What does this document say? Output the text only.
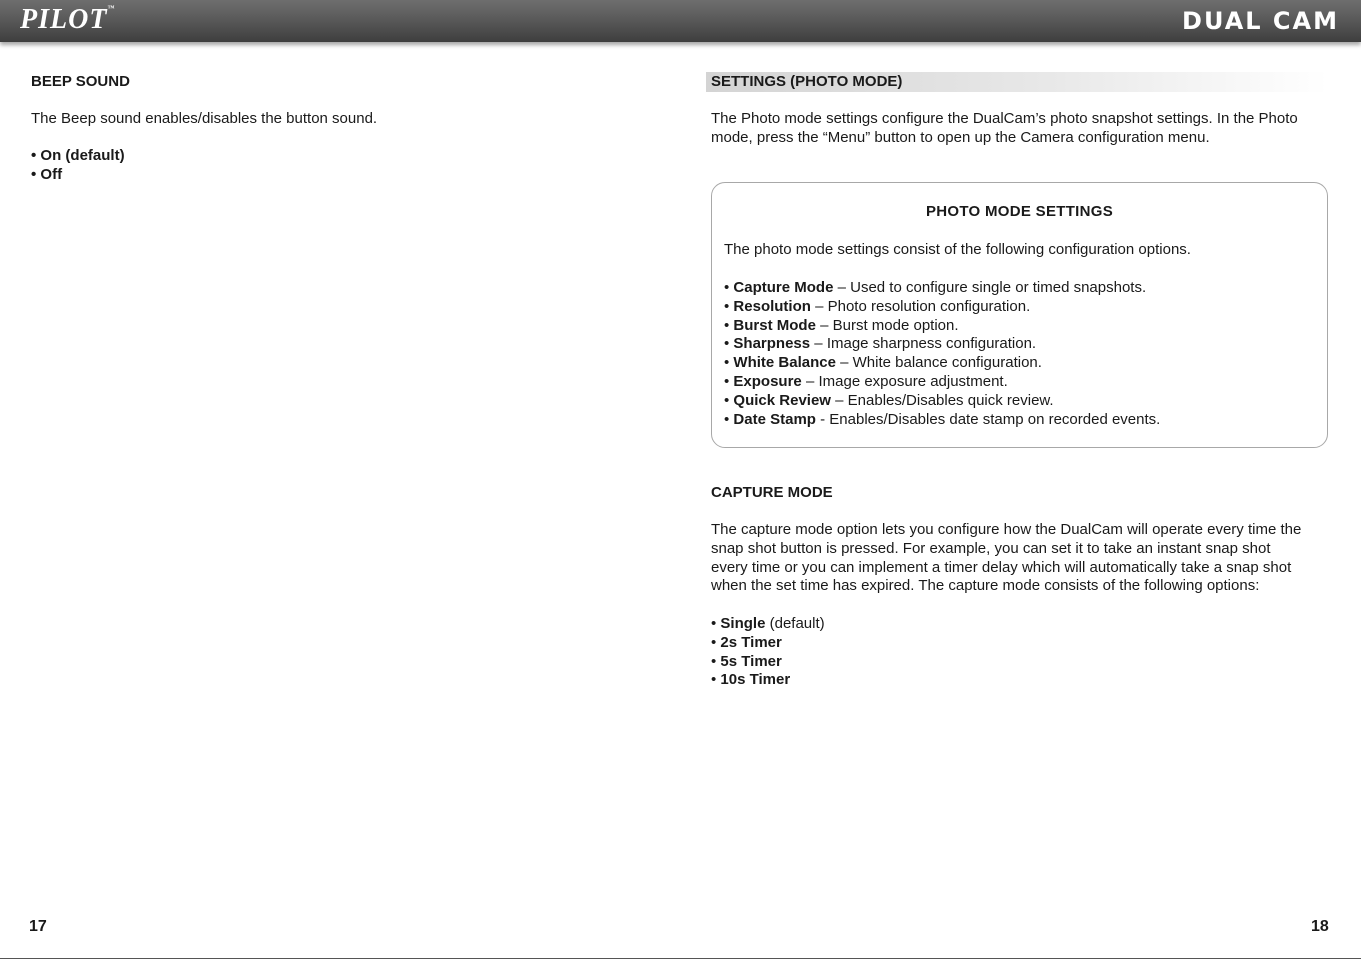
PILOT™	DUAL CAM
BEEP SOUND
The Beep sound enables/disables the button sound.
• On (default)
• Off
17
SETTINGS (PHOTO MODE)
The Photo mode settings configure the DualCam’s photo snapshot settings. In the Photo mode, press the “Menu” button to open up the Camera configuration menu.
PHOTO MODE SETTINGS
The photo mode settings consist of the following configuration options.
• Capture Mode – Used to configure single or timed snapshots.
• Resolution – Photo resolution configuration.
• Burst Mode – Burst mode option.
• Sharpness – Image sharpness configuration.
• White Balance – White balance configuration.
• Exposure – Image exposure adjustment.
• Quick Review – Enables/Disables quick review.
• Date Stamp - Enables/Disables date stamp on recorded events.
CAPTURE MODE
The capture mode option lets you configure how the DualCam will operate every time the
snap shot button is pressed. For example, you can set it to take an instant snap shot
every time or you can implement a timer delay which will automatically take a snap shot
when the set time has expired. The capture mode consists of the following options:
• Single (default)
• 2s Timer
• 5s Timer
• 10s Timer
18
